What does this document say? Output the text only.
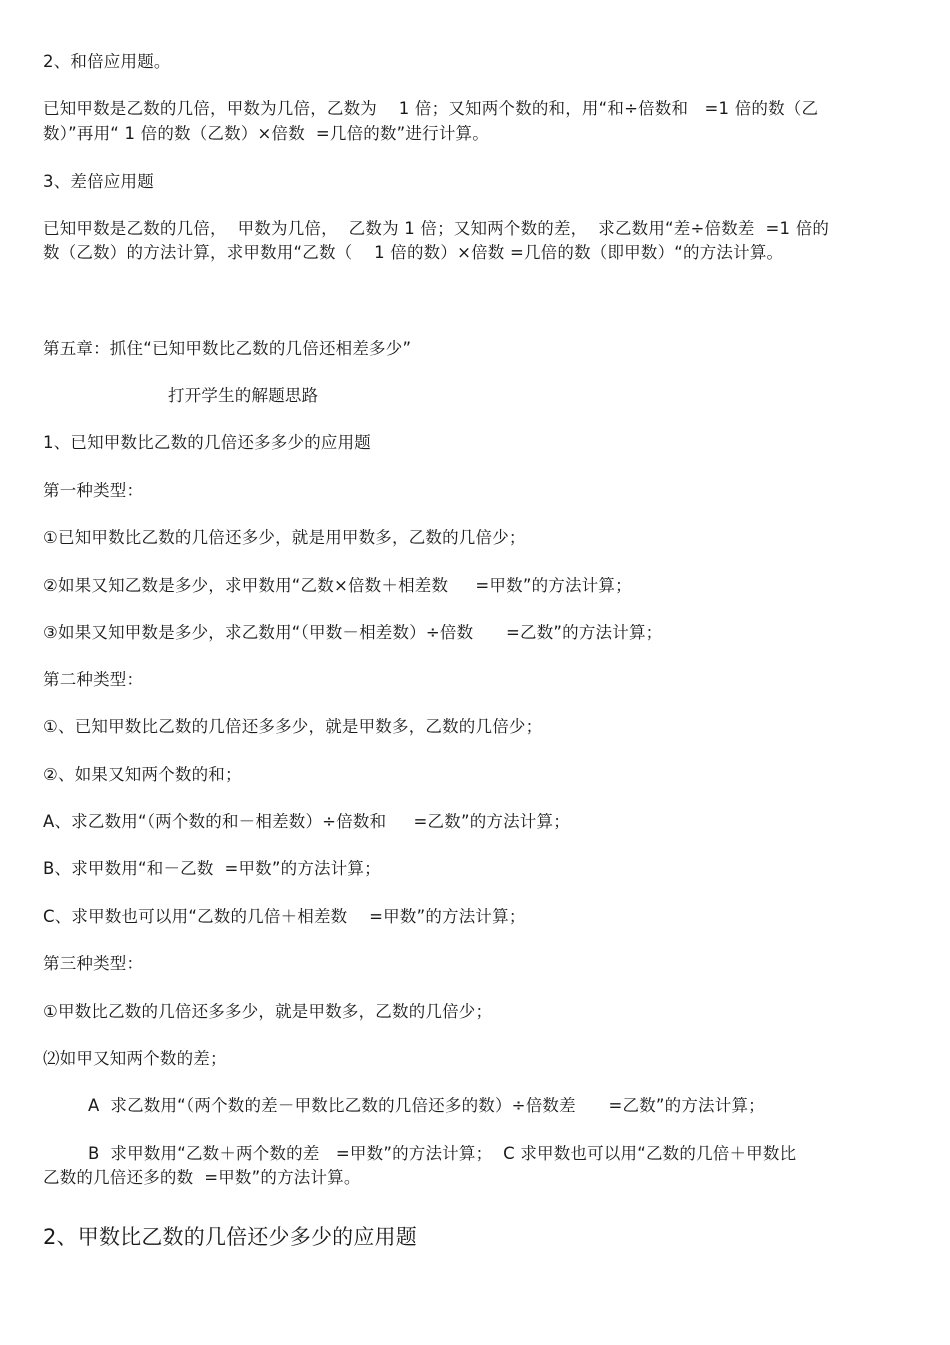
2、和倍应用题。
已知甲数是乙数的几倍，甲数为几倍，乙数为    1 倍；又知两个数的和，用“和÷倍数和   =1 倍的数（乙
数）”再用“ 1 倍的数（乙数）×倍数  =几倍的数”进行计算。
3、差倍应用题
已知甲数是乙数的几倍，  甲数为几倍，  乙数为 1 倍；又知两个数的差，  求乙数用“差÷倍数差  =1 倍的
数（乙数）的方法计算，求甲数用“乙数（    1 倍的数）×倍数 =几倍的数（即甲数）“的方法计算。
第五章：抓住“已知甲数比乙数的几倍还相差多少”
打开学生的解题思路
1、已知甲数比乙数的几倍还多多少的应用题
第一种类型：
①已知甲数比乙数的几倍还多少，就是用甲数多，乙数的几倍少；
②如果又知乙数是多少，求甲数用“乙数×倍数＋相差数     =甲数”的方法计算；
③如果又知甲数是多少，求乙数用“（甲数－相差数）÷倍数      =乙数”的方法计算；
第二种类型：
①、已知甲数比乙数的几倍还多多少，就是甲数多，乙数的几倍少；
②、如果又知两个数的和；
A、求乙数用“（两个数的和－相差数）÷倍数和     =乙数”的方法计算；
B、求甲数用“和－乙数  =甲数”的方法计算；
C、求甲数也可以用“乙数的几倍＋相差数    =甲数”的方法计算；
第三种类型：
①甲数比乙数的几倍还多多少，就是甲数多，乙数的几倍少；
⑵如甲又知两个数的差；
A  求乙数用“（两个数的差－甲数比乙数的几倍还多的数）÷倍数差      =乙数”的方法计算；
B  求甲数用“乙数＋两个数的差   =甲数”的方法计算；  C 求甲数也可以用“乙数的几倍＋甲数比
乙数的几倍还多的数  =甲数”的方法计算。
2、甲数比乙数的几倍还少多少的应用题
